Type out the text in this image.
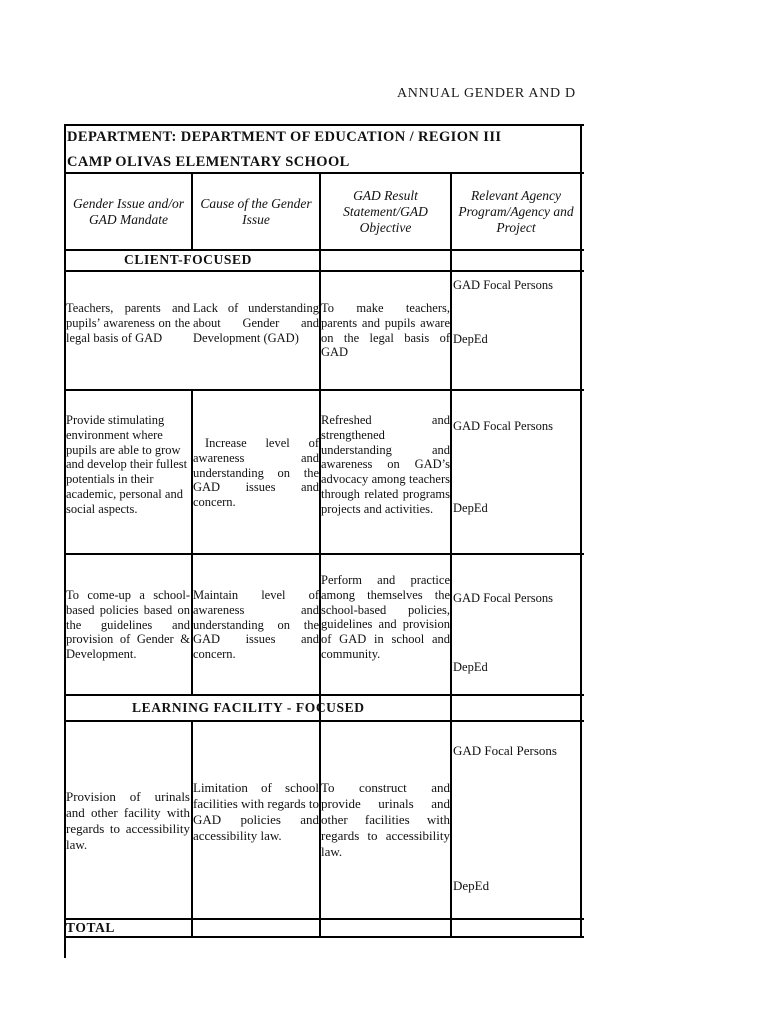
ANNUAL GENDER AND D
DEPARTMENT: DEPARTMENT OF EDUCATION / REGION III
CAMP OLIVAS ELEMENTARY SCHOOL
Gender Issue and/or GAD Mandate
Cause of the Gender Issue
GAD Result Statement/GAD Objective
Relevant Agency Program/Agency and Project
CLIENT-FOCUSED
Teachers, parents and pupils’ awareness on the legal basis of GAD
Lack of understanding about Gender and Development (GAD)
To make teachers, parents and pupils aware on the legal basis of GAD
GAD Focal Persons
DepEd
Provide stimulating environment where pupils are able to grow and develop their fullest potentials in their academic, personal and social aspects.
Increase level of awareness and understanding on the GAD issues and concern.
Refreshed and strengthened understanding and awareness on GAD’s advocacy among teachers through related programs projects and activities.
GAD Focal Persons
DepEd
To come-up a school-based policies based on the guidelines and provision of Gender & Development.
Maintain level of awareness and understanding on the GAD issues and concern.
Perform and practice among themselves the school-based policies, guidelines and provision of GAD in school and community.
GAD Focal Persons
DepEd
LEARNING FACILITY - FOCUSED
Provision of urinals and other facility with regards to accessibility law.
Limitation of school facilities with regards to GAD policies and accessibility law.
To construct and provide urinals and other facilities with regards to accessibility law.
GAD Focal Persons
DepEd
TOTAL
